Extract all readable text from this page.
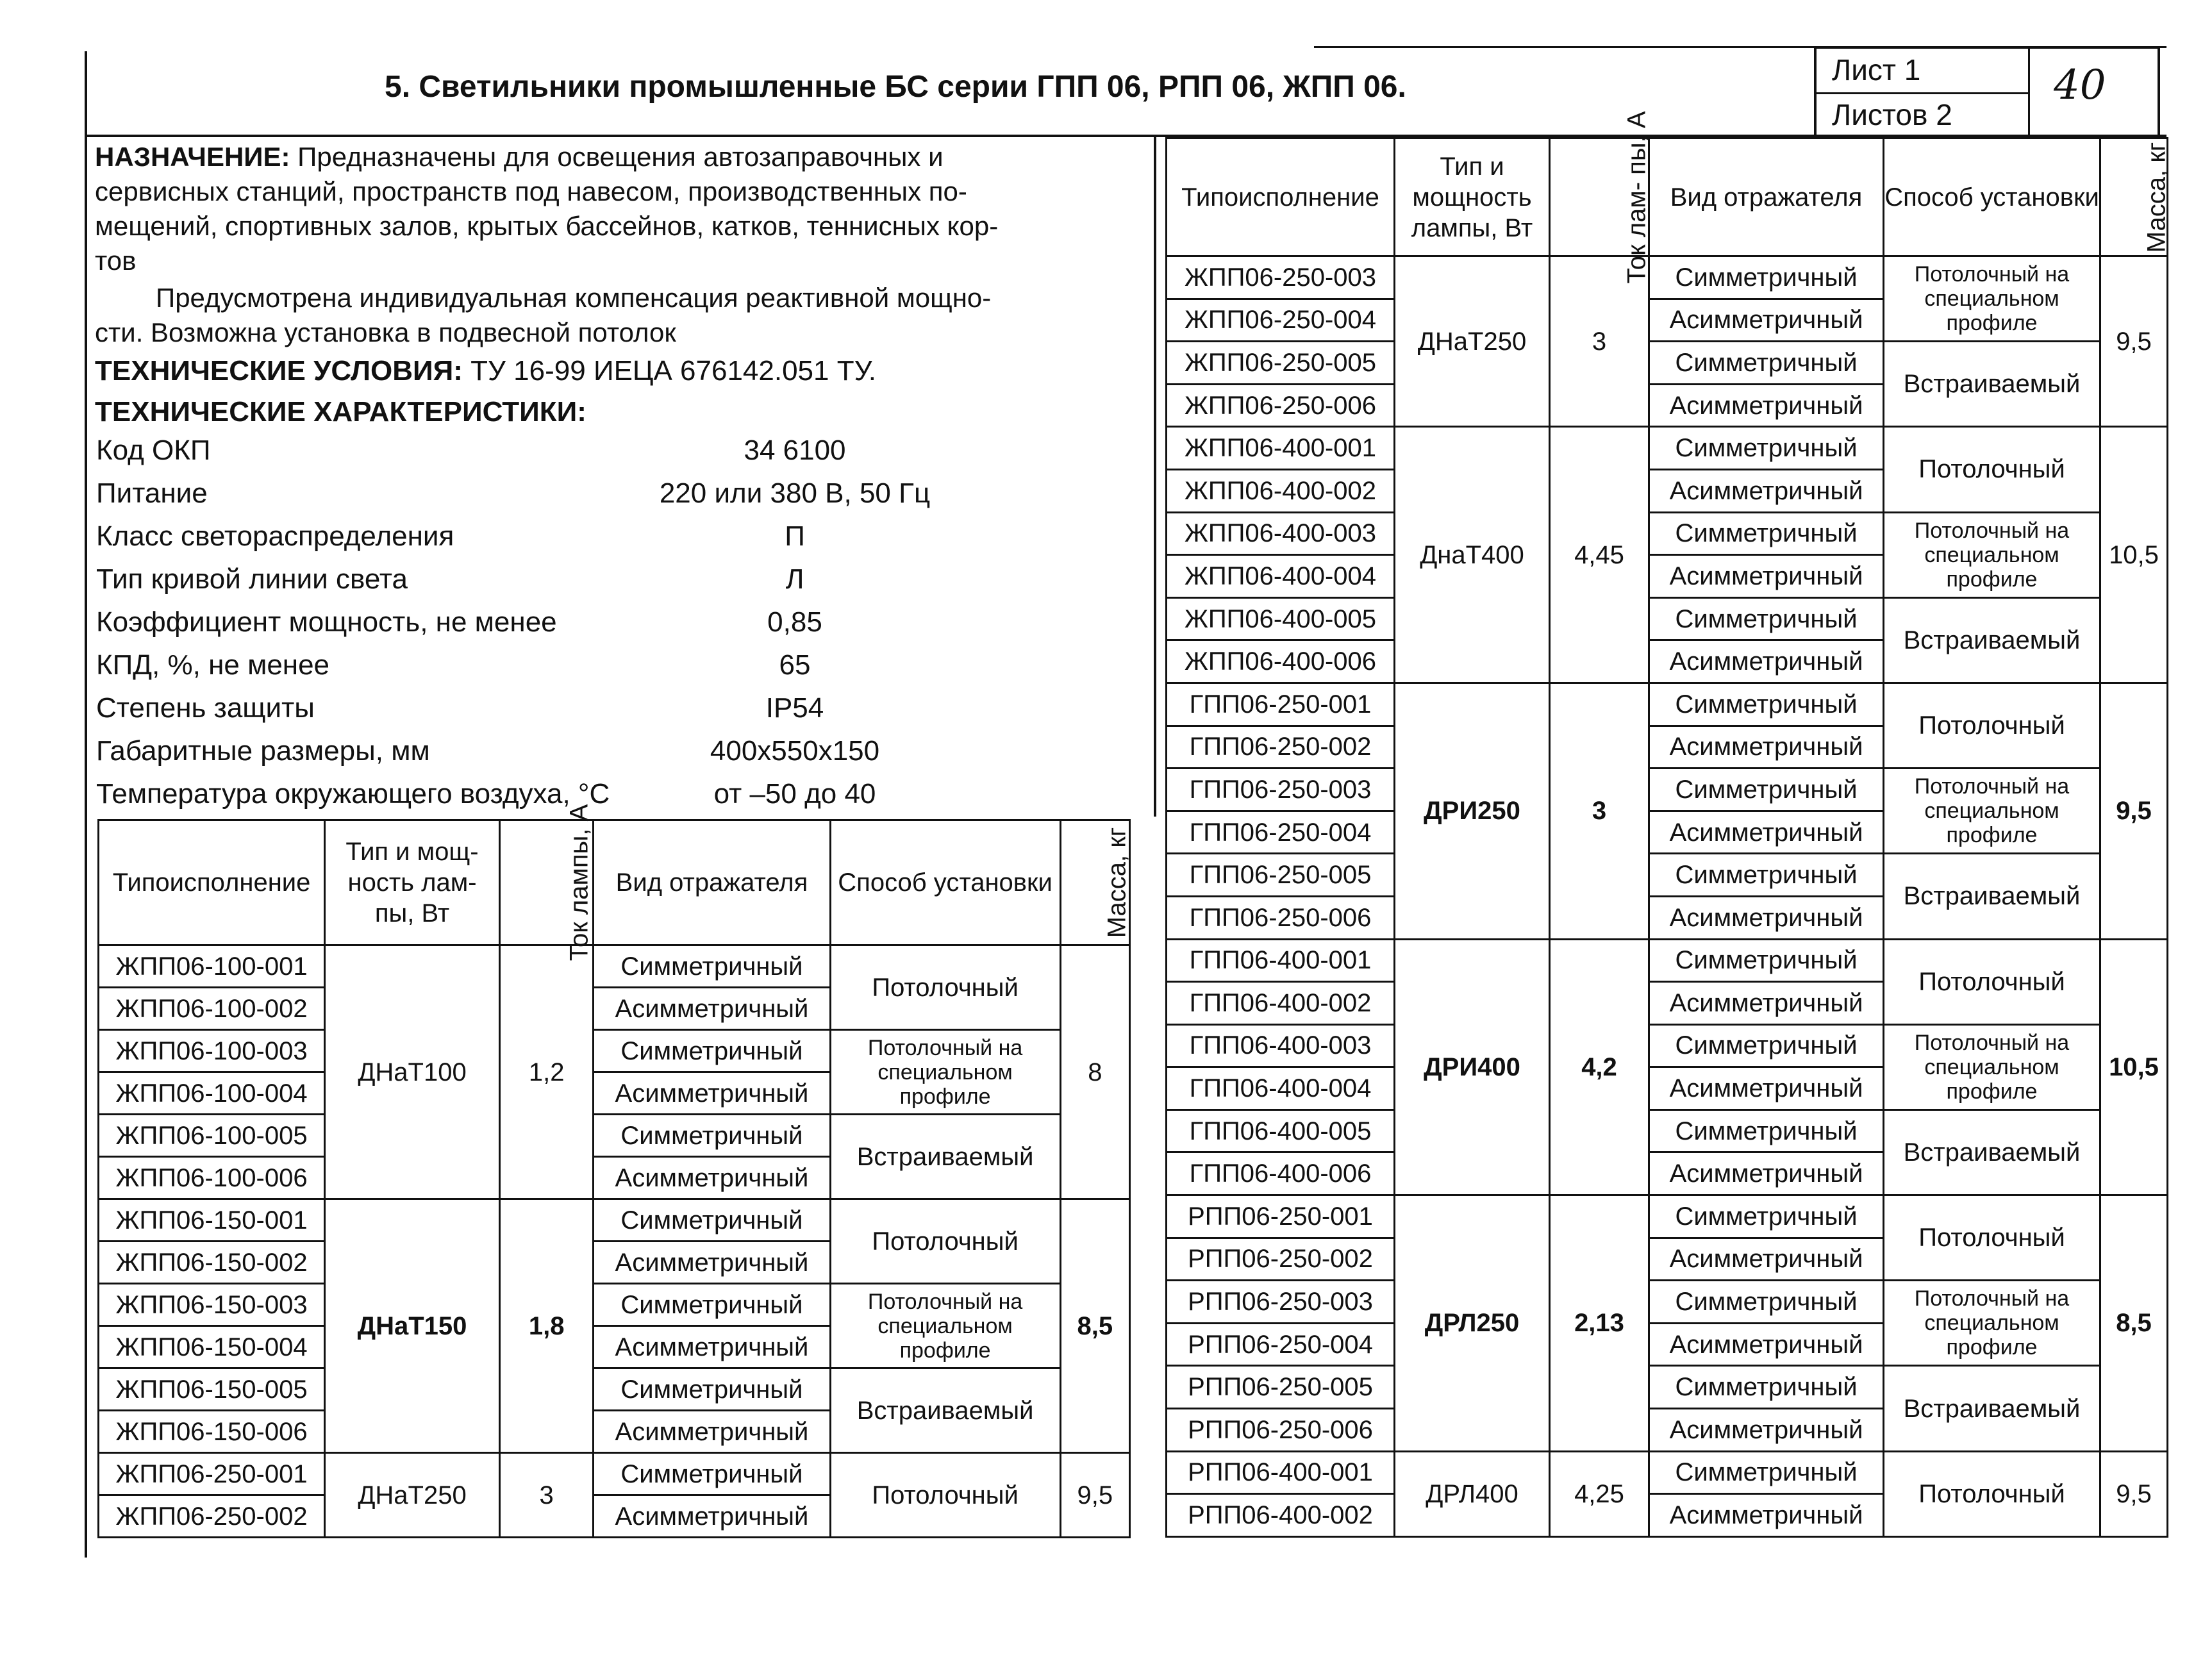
5. Светильники промышленные БС серии ГПП 06, РПП 06, ЖПП 06.	Лист 1
Листов 2
40
НАЗНАЧЕНИЕ: Предназначены для освещения автозаправочных и
сервисных станций, пространств под навесом, производственных по-
мещений, спортивных залов, крытых бассейнов, катков, теннисных кор-
тов
Предусмотрена индивидуальная компенсация реактивной мощно-
сти. Возможна установка в подвесной потолок
ТЕХНИЧЕСКИЕ УСЛОВИЯ: ТУ 16-99 ИЕЦА 676142.051 ТУ.
ТЕХНИЧЕСКИЕ ХАРАКТЕРИСТИКИ:
Код ОКП	34 6100
Питание	220 или 380 В, 50 Гц
Класс светораспределения	П
Тип кривой линии света	Л
Коэффициент мощность, не менее	0,85
КПД, %, не менее	65
Степень защиты	IP54
Габаритные размеры, мм	400х550х150
Температура окружающего воздуха, °С	от –50 до 40
Типоисполнение	Тип и мощ- ность лам- пы, Вт	Ток лампы, А	Вид отражателя	Способ установки	Масса, кг
ЖПП06-100-001	ДНаТ100	1,2	Симметричный	Потолочный	8
ЖПП06-100-002			Асимметричный		
ЖПП06-100-003			Симметричный	Потолочный на специальном профиле	
ЖПП06-100-004			Асимметричный		
ЖПП06-100-005			Симметричный	Встраиваемый	
ЖПП06-100-006			Асимметричный		
ЖПП06-150-001	ДНаТ150	1,8	Симметричный	Потолочный	8,5
ЖПП06-150-002			Асимметричный		
ЖПП06-150-003			Симметричный	Потолочный на специальном профиле	
ЖПП06-150-004			Асимметричный		
ЖПП06-150-005			Симметричный	Встраиваемый	
ЖПП06-150-006			Асимметричный		
ЖПП06-250-001	ДНаТ250	3	Симметричный	Потолочный	9,5
ЖПП06-250-002			Асимметричный		
Типоисполнение	Тип и мощность лампы, Вт	Ток лам- пы, А	Вид отражателя	Способ установки	Масса, кг
ЖПП06-250-003	ДНаТ250	3	Симметричный	Потолочный на специальном профиле	9,5
ЖПП06-250-004			Асимметричный		
ЖПП06-250-005			Симметричный	Встраиваемый	
ЖПП06-250-006			Асимметричный		
ЖПП06-400-001	ДнаТ400	4,45	Симметричный	Потолочный	10,5
ЖПП06-400-002			Асимметричный		
ЖПП06-400-003			Симметричный	Потолочный на специальном профиле	
ЖПП06-400-004			Асимметричный		
ЖПП06-400-005			Симметричный	Встраиваемый	
ЖПП06-400-006			Асимметричный		
ГПП06-250-001	ДРИ250	3	Симметричный	Потолочный	9,5
ГПП06-250-002			Асимметричный		
ГПП06-250-003			Симметричный	Потолочный на специальном профиле	
ГПП06-250-004			Асимметричный		
ГПП06-250-005			Симметричный	Встраиваемый	
ГПП06-250-006			Асимметричный		
ГПП06-400-001	ДРИ400	4,2	Симметричный	Потолочный	10,5
ГПП06-400-002			Асимметричный		
ГПП06-400-003			Симметричный	Потолочный на специальном профиле	
ГПП06-400-004			Асимметричный		
ГПП06-400-005			Симметричный	Встраиваемый	
ГПП06-400-006			Асимметричный		
РПП06-250-001	ДРЛ250	2,13	Симметричный	Потолочный	8,5
РПП06-250-002			Асимметричный		
РПП06-250-003			Симметричный	Потолочный на специальном профиле	
РПП06-250-004			Асимметричный		
РПП06-250-005			Симметричный	Встраиваемый	
РПП06-250-006			Асимметричный		
РПП06-400-001	ДРЛ400	4,25	Симметричный	Потолочный	9,5
РПП06-400-002			Асимметричный		
